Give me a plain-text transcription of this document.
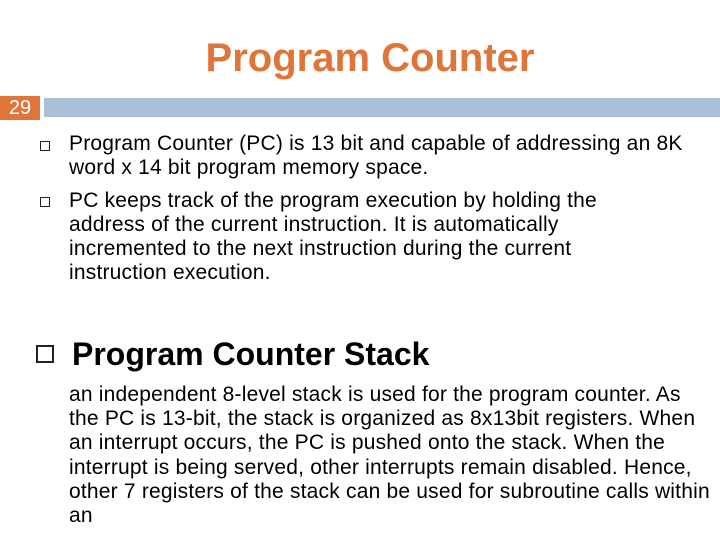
Program Counter
29
Program Counter (PC) is 13 bit and capable of addressing an 8K word x 14 bit program memory space.
PC keeps track of the program execution by holding the address of the current instruction. It is automatically incremented to the next instruction during the current instruction execution.
Program Counter Stack
an independent 8-level stack is used for the program counter. As the PC is 13-bit, the stack is organized as 8x13bit registers. When an interrupt occurs, the PC is pushed onto the stack. When the interrupt is being served, other interrupts remain disabled. Hence, other 7 registers of the stack can be used for subroutine calls within an
